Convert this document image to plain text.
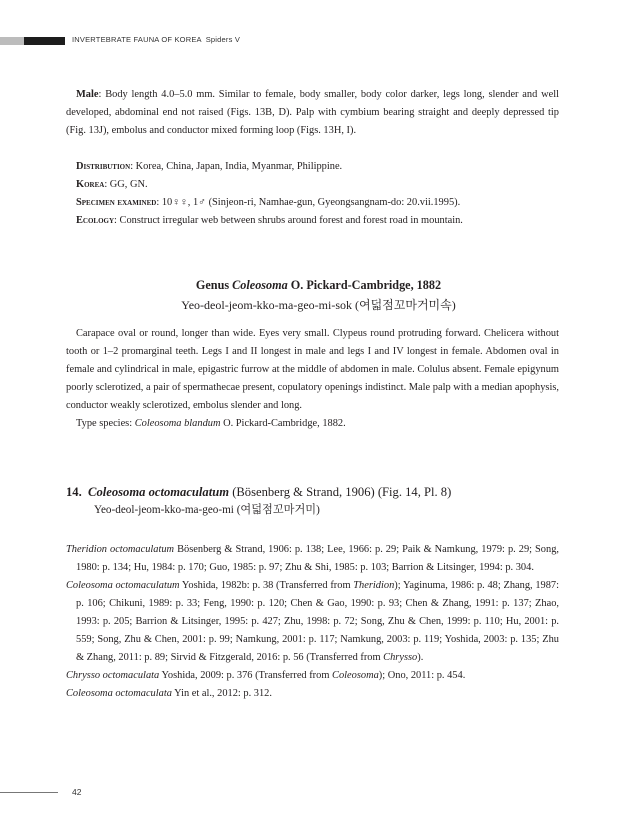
INVERTEBRATE FAUNA OF KOREA Spiders V
Male: Body length 4.0–5.0 mm. Similar to female, body smaller, body color darker, legs long, slender and well developed, abdominal end not raised (Figs. 13B, D). Palp with cymbium bearing straight and deeply depressed tip (Fig. 13J), embolus and conductor mixed forming loop (Figs. 13H, I).

Distribution: Korea, China, Japan, India, Myanmar, Philippine.

Korea: GG, GN.

Specimen examined: 10♀♀, 1♂ (Sinjeon-ri, Namhae-gun, Gyeongsangnam-do: 20.vii.1995).

Ecology: Construct irregular web between shrubs around forest and forest road in mountain.

Genus Coleosoma O. Pickard-Cambridge, 1882
Yeo-deol-jeom-kko-ma-geo-mi-sok (여덟점꼬마거미속)

Carapace oval or round, longer than wide. Eyes very small. Clypeus round protruding forward. Chelicera without tooth or 1–2 promarginal teeth. Legs I and II longest in male and legs I and IV longest in female. Abdomen oval in female and cylindrical in male, epigastric furrow at the middle of abdomen in male. Colulus absent. Female epigynum poorly sclerotized, a pair of spermathecae present, copulatory openings indistinct. Male palp with a median apophysis, conductor weakly sclerotized, embolus slender and long.

Type species: Coleosoma blandum O. Pickard-Cambridge, 1882.

14. Coleosoma octomaculatum (Bösenberg & Strand, 1906) (Fig. 14, Pl. 8)
Yeo-deol-jeom-kko-ma-geo-mi (여덟점꼬마거미)

Theridion octomaculatum Bösenberg & Strand, 1906: p. 138; Lee, 1966: p. 29; Paik & Namkung, 1979: p. 29; Song, 1980: p. 134; Hu, 1984: p. 170; Guo, 1985: p. 97; Zhu & Shi, 1985: p. 103; Barrion & Litsinger, 1994: p. 304.

Coleosoma octomaculatum Yoshida, 1982b: p. 38 (Transferred from Theridion); Yaginuma, 1986: p. 48; Zhang, 1987: p. 106; Chikuni, 1989: p. 33; Feng, 1990: p. 120; Chen & Gao, 1990: p. 93; Chen & Zhang, 1991: p. 137; Zhao, 1993: p. 205; Barrion & Litsinger, 1995: p. 427; Zhu, 1998: p. 72; Song, Zhu & Chen, 1999: p. 110; Hu, 2001: p. 559; Song, Zhu & Chen, 2001: p. 99; Namkung, 2001: p. 117; Namkung, 2003: p. 119; Yoshida, 2003: p. 135; Zhu & Zhang, 2011: p. 89; Sirvid & Fitzgerald, 2016: p. 56 (Transferred from Chrysso).

Chrysso octomaculata Yoshida, 2009: p. 376 (Transferred from Coleosoma); Ono, 2011: p. 454.

Coleosoma octomaculata Yin et al., 2012: p. 312.

42
